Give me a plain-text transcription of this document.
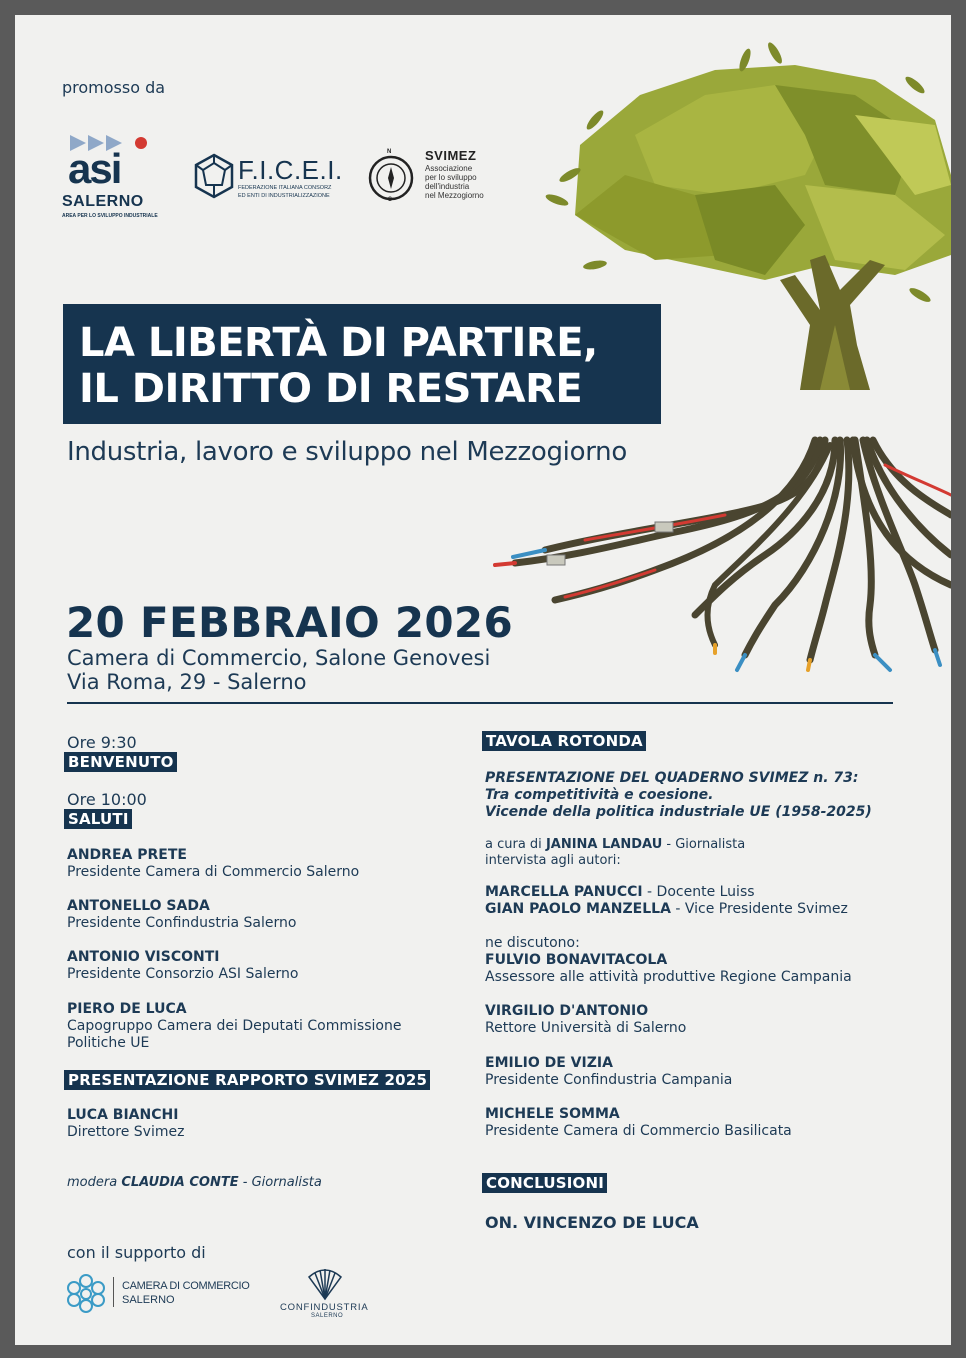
promosso da
asi
SALERNO
AREA PER LO SVILUPPO INDUSTRIALE
F.I.C.E.I.
FEDERAZIONE ITALIANA CONSORZ
ED ENTI DI INDUSTRIALIZZAZIONE
N
S
SVIMEZ
Associazione
per lo sviluppo
dell'industria
nel Mezzogiorno
LA LIBERTÀ DI PARTIRE,
IL DIRITTO DI RESTARE
Industria, lavoro e sviluppo nel Mezzogiorno
20 FEBBRAIO 2026
Camera di Commercio, Salone Genovesi
Via Roma, 29 - Salerno
Ore 9:30
BENVENUTO
Ore 10:00
SALUTI
ANDREA PRETE
Presidente Camera di Commercio Salerno
ANTONELLO SADA
Presidente Confindustria Salerno
ANTONIO VISCONTI
Presidente Consorzio ASI Salerno
PIERO DE LUCA
Capogruppo Camera dei Deputati Commissione
Politiche UE
PRESENTAZIONE RAPPORTO SVIMEZ 2025
LUCA BIANCHI
Direttore Svimez
modera CLAUDIA CONTE - Giornalista
TAVOLA ROTONDA
PRESENTAZIONE DEL QUADERNO SVIMEZ n. 73:
Tra competitività e coesione.
Vicende della politica industriale UE (1958-2025)
a cura di JANINA LANDAU - Giornalista
intervista agli autori:
MARCELLA PANUCCI - Docente Luiss
GIAN PAOLO MANZELLA - Vice Presidente Svimez
ne discutono:
FULVIO BONAVITACOLA
Assessore alle attività produttive Regione Campania
VIRGILIO D'ANTONIO
Rettore Università di Salerno
EMILIO DE VIZIA
Presidente Confindustria Campania
MICHELE SOMMA
Presidente Camera di Commercio Basilicata
CONCLUSIONI
ON. VINCENZO DE LUCA
con il supporto di
CAMERA DI COMMERCIO
SALERNO
CONFINDUSTRIA
SALERNO
